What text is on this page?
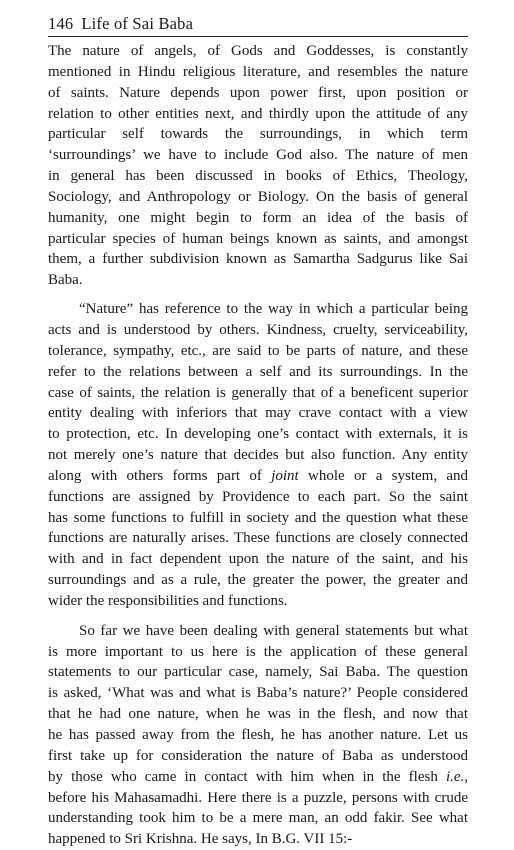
146 Life of Sai Baba

The nature of angels, of Gods and Goddesses, is constantly
mentioned in Hindu religious literature, and resembles the nature
of saints. Nature depends upon power first, upon position or
relation to other entities next, and thirdly upon the attitude of any
particular self towards the surroundings, in which term
‘surroundings’ we have to include God also. The nature of men
in general has been discussed in books of Ethics, Theology,
Sociology, and Anthropology or Biology. On the basis of general
humanity, one might begin to form an idea of the basis of
particular species of human beings known as saints, and amongst
them, a further subdivision known as Samartha Sadgurus like Sai
Baba.

“Nature” has reference to the way in which a particular being
acts and is understood by others. Kindness, cruelty, serviceability,
tolerance, sympathy, etc., are said to be parts of nature, and these
refer to the relations between a self and its surroundings. In the
case of saints, the relation is generally that of a beneficent superior
entity dealing with inferiors that may crave contact with a view
to protection, etc. In developing one’s contact with externals, it is
not merely one’s nature that decides but also function. Any entity
along with others forms part of joint whole or a system, and
functions are assigned by Providence to each part. So the saint
has some functions to fulfill in society and the question what these
functions are naturally arises. These functions are closely connected
with and in fact dependent upon the nature of the saint, and his
surroundings and as a rule, the greater the power, the greater and
wider the responsibilities and functions.

So far we have been dealing with general statements but what
is more important to us here is the application of these general
statements to our particular case, namely, Sai Baba. The question
is asked, ‘What was and what is Baba’s nature?’ People considered
that he had one nature, when he was in the flesh, and now that
he has passed away from the flesh, he has another nature. Let us
first take up for consideration the nature of Baba as understood
by those who came in contact with him when in the flesh i.e.,
before his Mahasamadhi. Here there is a puzzle, persons with crude
understanding took him to be a mere man, an odd fakir. See what
happened to Sri Krishna. He says, In B.G. VII 15:-
